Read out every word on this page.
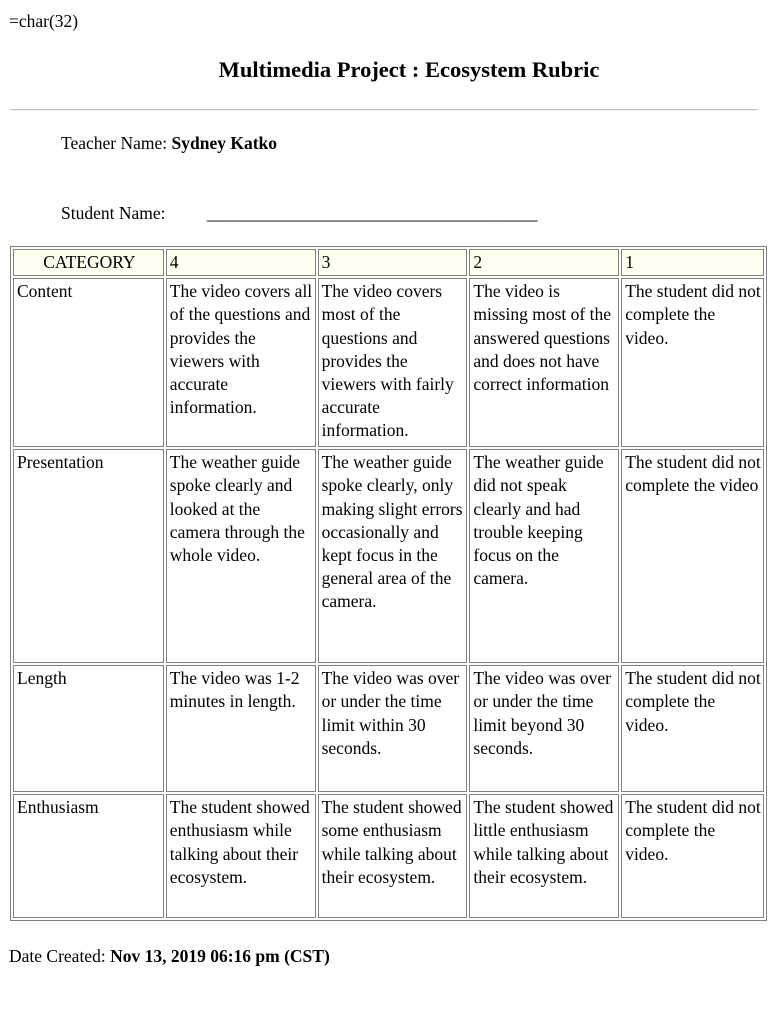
=char(32)
Multimedia Project : Ecosystem Rubric
Teacher Name: Sydney Katko
Student Name: ________________________________________
CATEGORY	4	3	2	1
Content	The video covers all of the questions and provides the viewers with accurate information.	The video covers most of the questions and provides the viewers with fairly accurate information.	The video is missing most of the answered questions and does not have correct information	The student did not complete the video.
Presentation	The weather guide spoke clearly and looked at the camera through the whole video.	The weather guide spoke clearly, only making slight errors occasionally and kept focus in the general area of the camera.	The weather guide did not speak clearly and had trouble keeping focus on the camera.	The student did not complete the video
Length	The video was 1-2 minutes in length.	The video was over or under the time limit within 30 seconds.	The video was over or under the time limit beyond 30 seconds.	The student did not complete the video.
Enthusiasm	The student showed enthusiasm while talking about their ecosystem.	The student showed some enthusiasm while talking about their ecosystem.	The student showed little enthusiasm while talking about their ecosystem.	The student did not complete the video.
Date Created: Nov 13, 2019 06:16 pm (CST)
